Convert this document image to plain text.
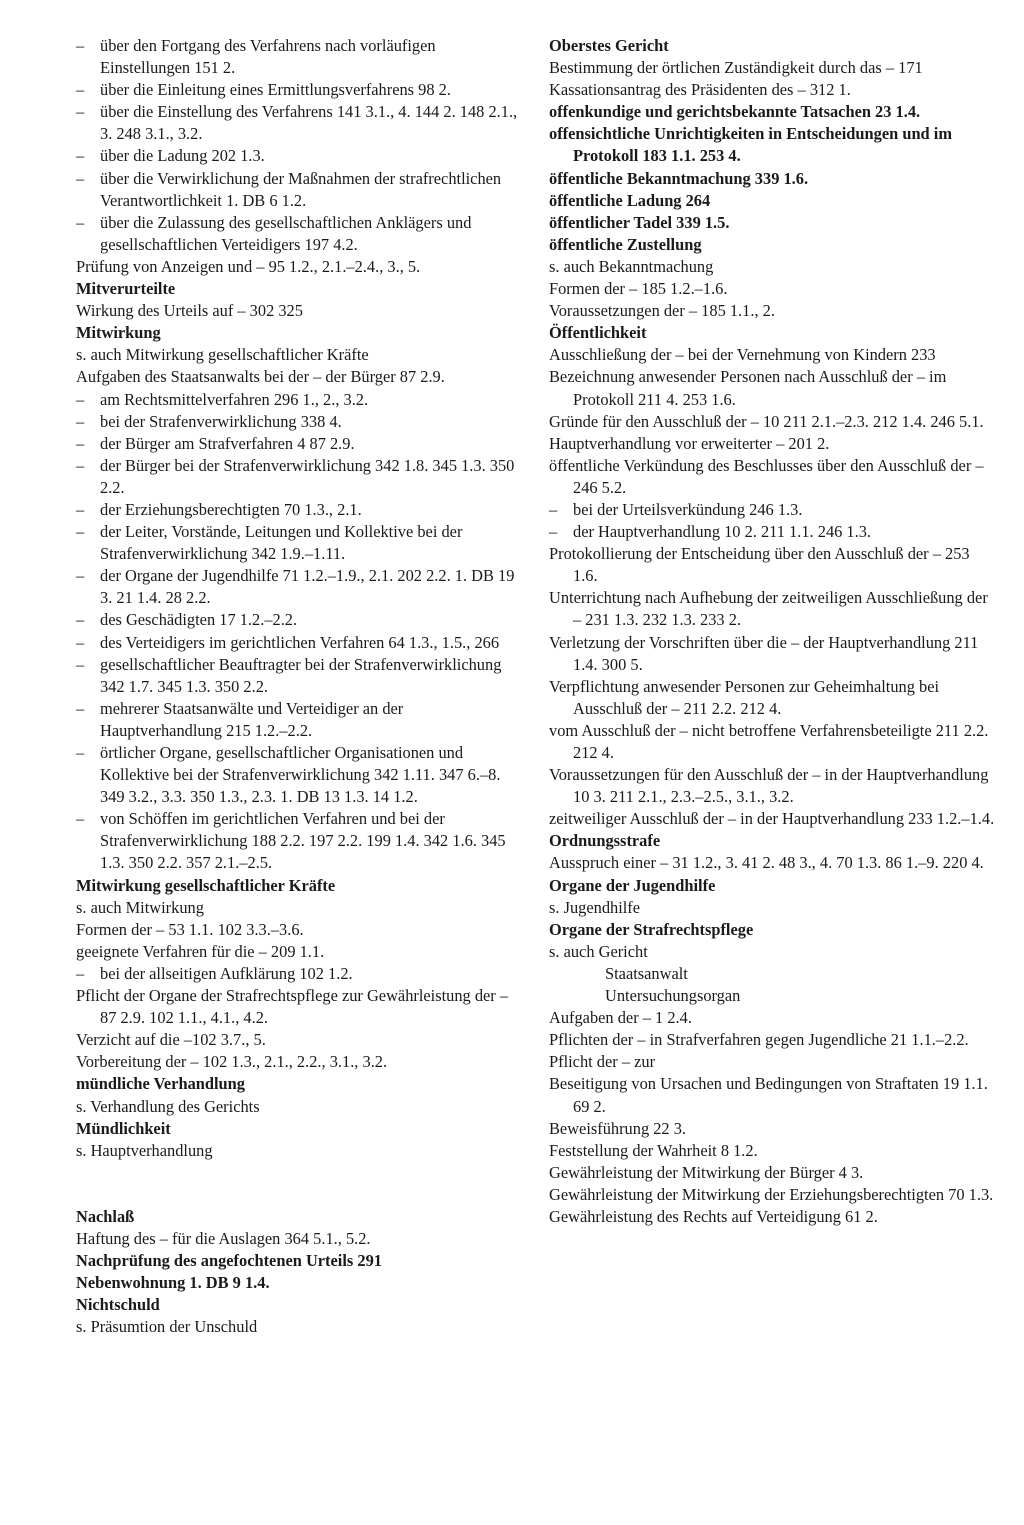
– über den Fortgang des Verfahrens nach vorläufigen Einstellungen 151 2.
– über die Einleitung eines Ermittlungsverfahrens 98 2.
– über die Einstellung des Verfahrens 141 3.1., 4. 144 2. 148 2.1., 3. 248 3.1., 3.2.
– über die Ladung 202 1.3.
– über die Verwirklichung der Maßnahmen der strafrechtlichen Verantwortlichkeit 1. DB 6 1.2.
– über die Zulassung des gesellschaftlichen Anklägers und gesellschaftlichen Verteidigers 197 4.2.
Prüfung von Anzeigen und – 95 1.2., 2.1.–2.4., 3., 5.
Mitverurteilte
Wirkung des Urteils auf – 302 325
Mitwirkung
s. auch Mitwirkung gesellschaftlicher Kräfte
Aufgaben des Staatsanwalts bei der – der Bürger 87 2.9.
– am Rechtsmittelverfahren 296 1., 2., 3.2.
– bei der Strafenverwirklichung 338 4.
– der Bürger am Strafverfahren 4 87 2.9.
– der Bürger bei der Strafenverwirklichung 342 1.8. 345 1.3. 350 2.2.
– der Erziehungsberechtigten 70 1.3., 2.1.
– der Leiter, Vorstände, Leitungen und Kollektive bei der Strafenverwirklichung 342 1.9.–1.11.
– der Organe der Jugendhilfe 71 1.2.–1.9., 2.1. 202 2.2. 1. DB 19 3. 21 1.4. 28 2.2.
– des Geschädigten 17 1.2.–2.2.
– des Verteidigers im gerichtlichen Verfahren 64 1.3., 1.5., 266
– gesellschaftlicher Beauftragter bei der Strafenverwirklichung 342 1.7. 345 1.3. 350 2.2.
– mehrerer Staatsanwälte und Verteidiger an der Hauptverhandlung 215 1.2.–2.2.
– örtlicher Organe, gesellschaftlicher Organisationen und Kollektive bei der Strafenverwirklichung 342 1.11. 347 6.–8. 349 3.2., 3.3. 350 1.3., 2.3. 1. DB 13 1.3. 14 1.2.
– von Schöffen im gerichtlichen Verfahren und bei der Strafenverwirklichung 188 2.2. 197 2.2. 199 1.4. 342 1.6. 345 1.3. 350 2.2. 357 2.1.–2.5.
Mitwirkung gesellschaftlicher Kräfte
s. auch Mitwirkung
Formen der – 53 1.1. 102 3.3.–3.6.
geeignete Verfahren für die – 209 1.1.
– bei der allseitigen Aufklärung 102 1.2.
Pflicht der Organe der Strafrechtspflege zur Gewährleistung der – 87 2.9. 102 1.1., 4.1., 4.2.
Verzicht auf die –102 3.7., 5.
Vorbereitung der – 102 1.3., 2.1., 2.2., 3.1., 3.2.
mündliche Verhandlung
s. Verhandlung des Gerichts
Mündlichkeit
s. Hauptverhandlung
Nachlaß
Haftung des – für die Auslagen 364 5.1., 5.2.
Nachprüfung des angefochtenen Urteils 291
Nebenwohnung 1. DB 9 1.4.
Nichtschuld
s. Präsumtion der Unschuld
Oberstes Gericht
Bestimmung der örtlichen Zuständigkeit durch das – 171
Kassationsantrag des Präsidenten des – 312 1.
offenkundige und gerichtsbekannte Tatsachen 23 1.4.
offensichtliche Unrichtigkeiten in Entscheidungen und im Protokoll 183 1.1. 253 4.
öffentliche Bekanntmachung 339 1.6.
öffentliche Ladung 264
öffentlicher Tadel 339 1.5.
öffentliche Zustellung
s. auch Bekanntmachung
Formen der – 185 1.2.–1.6.
Voraussetzungen der – 185 1.1., 2.
Öffentlichkeit
Ausschließung der – bei der Vernehmung von Kindern 233
Bezeichnung anwesender Personen nach Ausschluß der – im Protokoll 211 4. 253 1.6.
Gründe für den Ausschluß der – 10 211 2.1.–2.3. 212 1.4. 246 5.1.
Hauptverhandlung vor erweiterter – 201 2.
öffentliche Verkündung des Beschlusses über den Ausschluß der – 246 5.2.
– bei der Urteilsverkündung 246 1.3.
– der Hauptverhandlung 10 2. 211 1.1. 246 1.3.
Protokollierung der Entscheidung über den Ausschluß der – 253 1.6.
Unterrichtung nach Aufhebung der zeitweiligen Ausschließung der – 231 1.3. 232 1.3. 233 2.
Verletzung der Vorschriften über die – der Hauptverhandlung 211 1.4. 300 5.
Verpflichtung anwesender Personen zur Geheimhaltung bei Ausschluß der – 211 2.2. 212 4.
vom Ausschluß der – nicht betroffene Verfahrensbeteiligte 211 2.2. 212 4.
Voraussetzungen für den Ausschluß der – in der Hauptverhandlung 10 3. 211 2.1., 2.3.–2.5., 3.1., 3.2.
zeitweiliger Ausschluß der – in der Hauptverhandlung 233 1.2.–1.4.
Ordnungsstrafe
Ausspruch einer – 31 1.2., 3. 41 2. 48 3., 4. 70 1.3. 86 1.–9. 220 4.
Organe der Jugendhilfe
s. Jugendhilfe
Organe der Strafrechtspflege
s. auch Gericht
Staatsanwalt
Untersuchungsorgan
Aufgaben der – 1 2.4.
Pflichten der – in Strafverfahren gegen Jugendliche 21 1.1.–2.2.
Pflicht der – zur
Beseitigung von Ursachen und Bedingungen von Straftaten 19 1.1. 69 2.
Beweisführung 22 3.
Feststellung der Wahrheit 8 1.2.
Gewährleistung der Mitwirkung der Bürger 4 3.
Gewährleistung der Mitwirkung der Erziehungsberechtigten 70 1.3.
Gewährleistung des Rechts auf Verteidigung 61 2.
